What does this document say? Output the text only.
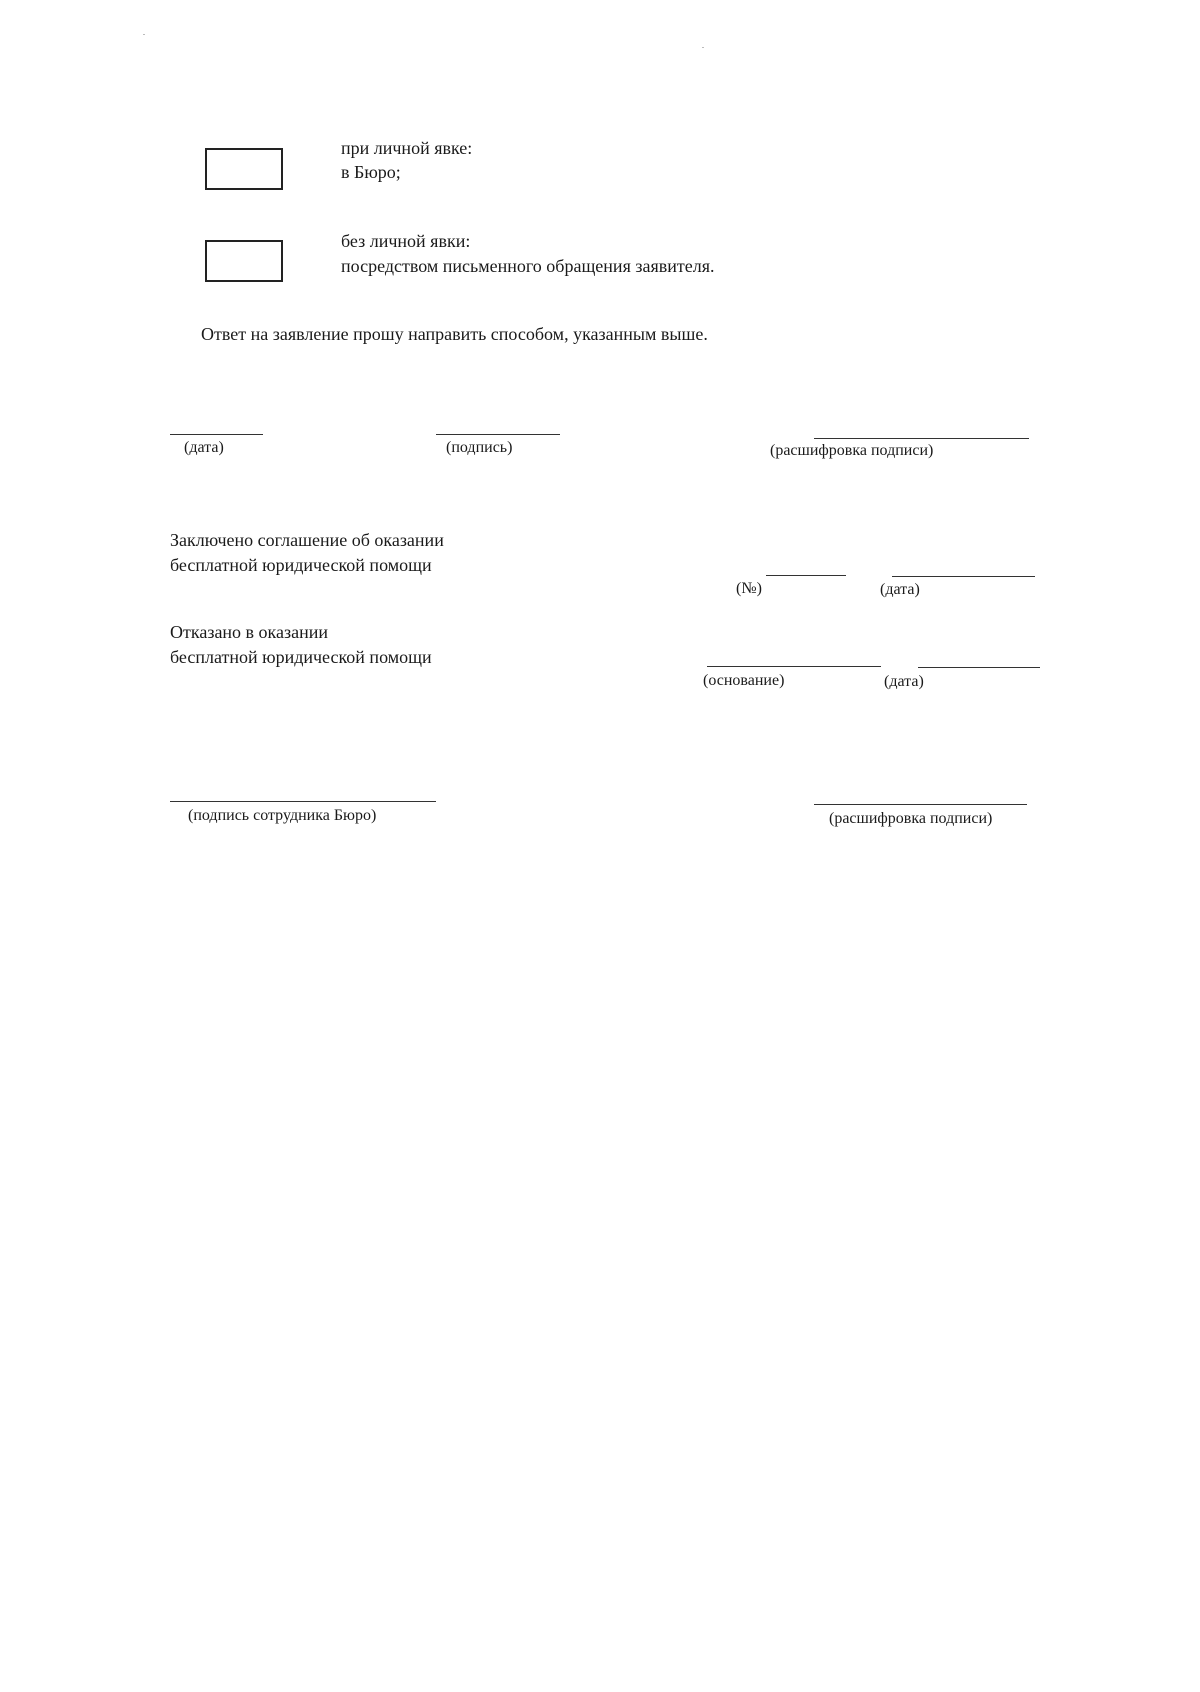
при личной явке:
в Бюро;
без личной явки:
посредством письменного обращения заявителя.
Ответ на заявление прошу направить способом, указанным выше.
(дата)	(подпись)	(расшифровка подписи)
Заключено соглашение об оказании
бесплатной юридической помощи
(№)	(дата)
Отказано в оказании
бесплатной юридической помощи
(основание)	(дата)
(подпись сотрудника Бюро)	(расшифровка подписи)
